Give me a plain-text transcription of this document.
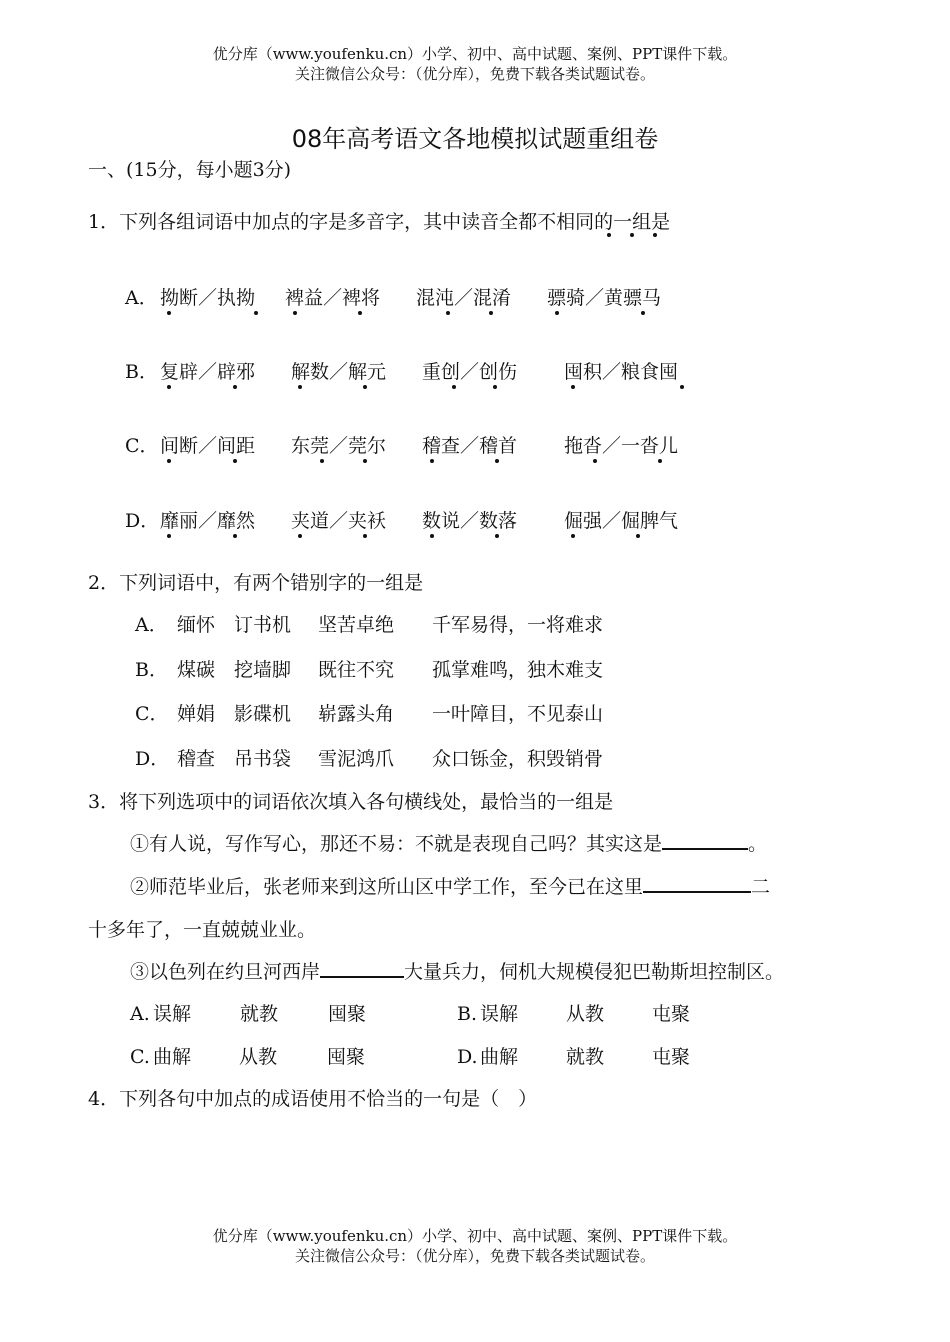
优分库（www.youfenku.cn）小学、初中、高中试题、案例、PPT课件下载。
关注微信公众号：（优分库），免费下载各类试题试卷。
08年高考语文各地模拟试题重组卷
一、(15分，每小题3分)
1．下列各组词语中加点的字是多音字，其中读音全都不相同的一组是
A． 拗断／执拗 裨益／裨将 混沌／混淆 骠骑／黄骠马
B． 复辟／辟邪 解数／解元 重创／创伤 囤积／粮食囤
C．间断／间距 东莞／莞尔 稽查／稽首 拖沓／一沓儿
D．靡丽／靡然 夹道／夹袄 数说／数落 倔强／倔脾气
2．下列词语中，有两个错别字的一组是
A． 缅怀 订书机 坚苦卓绝 千军易得，一将难求
B． 煤碳 挖墙脚 既往不究 孤掌难鸣，独木难支
C． 婵娟 影碟机 崭露头角 一叶障目，不见泰山
D． 稽查 吊书袋 雪泥鸿爪 众口铄金，积毁销骨
3．将下列选项中的词语依次填入各句横线处，最恰当的一组是
①有人说，写作写心，那还不易：不就是表现自己吗？其实这是	。
②师范毕业后，张老师来到这所山区中学工作，至今已在这里	二
十多年了，一直兢兢业业。
③以色列在约旦河西岸	大量兵力，伺机大规模侵犯巴勒斯坦控制区。
A. 误解	就教	囤聚	B. 误解	从教	屯聚
C. 曲解	从教	囤聚	D. 曲解	就教	屯聚
4．下列各句中加点的成语使用不恰当的一句是（　）
优分库（www.youfenku.cn）小学、初中、高中试题、案例、PPT课件下载。
关注微信公众号：（优分库），免费下载各类试题试卷。
